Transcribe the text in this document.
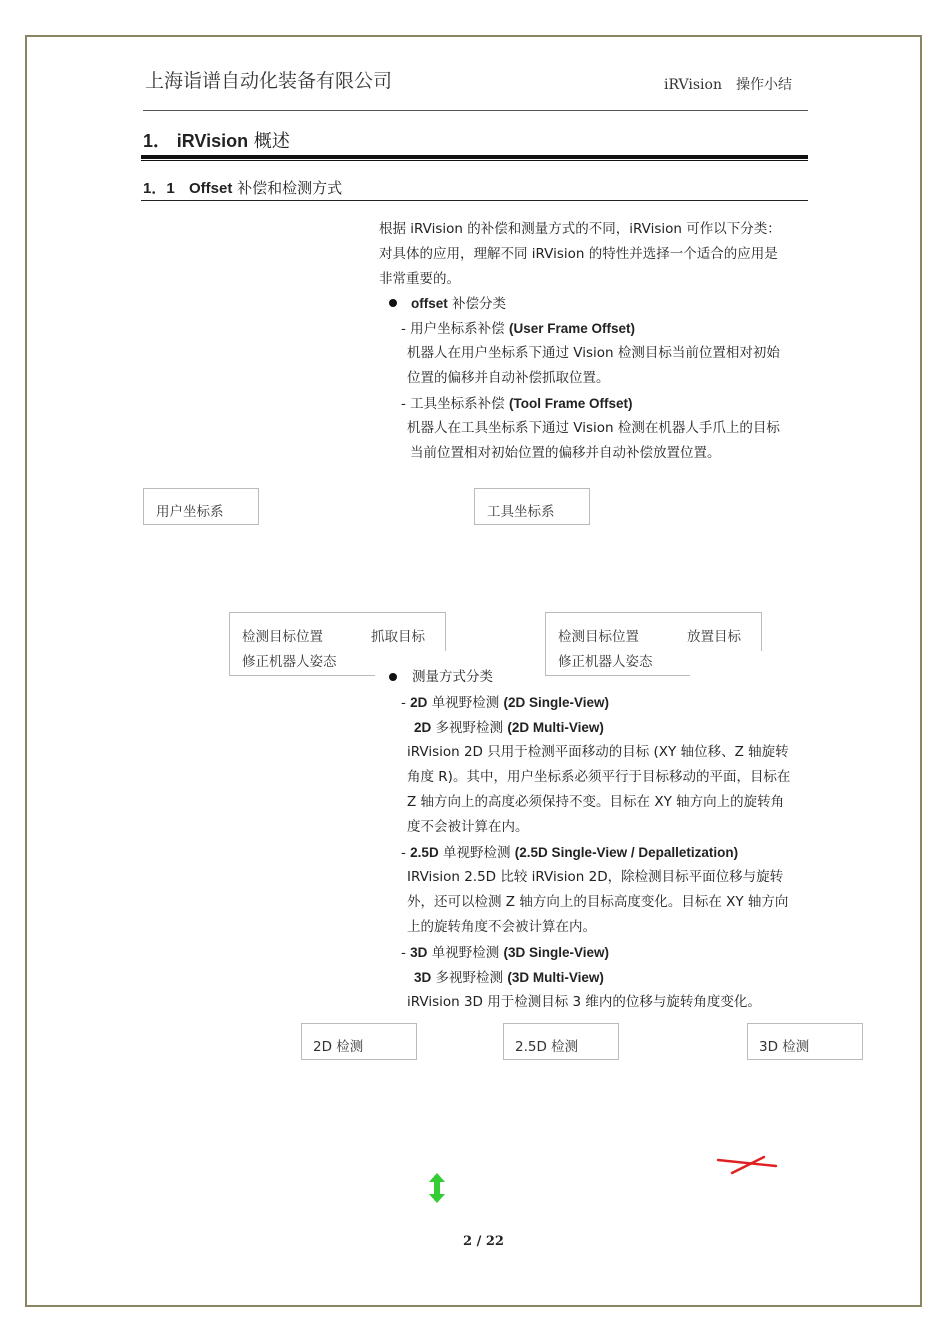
上海诣谱自动化装备有限公司	iRVision 操作小结
1． iRVision 概述
1．1 Offset 补偿和检测方式
根据 iRVision 的补偿和测量方式的不同，iRVision 可作以下分类：
对具体的应用，理解不同 iRVision 的特性并选择一个适合的应用是
非常重要的。
offset 补偿分类
- 用户坐标系补偿 (User Frame Offset)
机器人在用户坐标系下通过 Vision 检测目标当前位置相对初始
位置的偏移并自动补偿抓取位置。
- 工具坐标系补偿 (Tool Frame Offset)
机器人在工具坐标系下通过 Vision 检测在机器人手爪上的目标
当前位置相对初始位置的偏移并自动补偿放置位置。
用户坐标系	工具坐标系
检测目标位置	抓取目标
修正机器人姿态
检测目标位置	放置目标
修正机器人姿态
测量方式分类
- 2D 单视野检测 (2D Single-View)
2D 多视野检测 (2D Multi-View)
iRVision 2D 只用于检测平面移动的目标 (XY 轴位移、Z 轴旋转
角度 R)。其中，用户坐标系必须平行于目标移动的平面，目标在
Z 轴方向上的高度必须保持不变。目标在 XY 轴方向上的旋转角
度不会被计算在内。
- 2.5D 单视野检测 (2.5D Single-View / Depalletization)
IRVision 2.5D 比较 iRVision 2D，除检测目标平面位移与旋转
外，还可以检测 Z 轴方向上的目标高度变化。目标在 XY 轴方向
上的旋转角度不会被计算在内。
- 3D 单视野检测 (3D Single-View)
3D 多视野检测 (3D Multi-View)
iRVision 3D 用于检测目标 3 维内的位移与旋转角度变化。
2D 检测	2.5D 检测	3D 检测
2 / 22
